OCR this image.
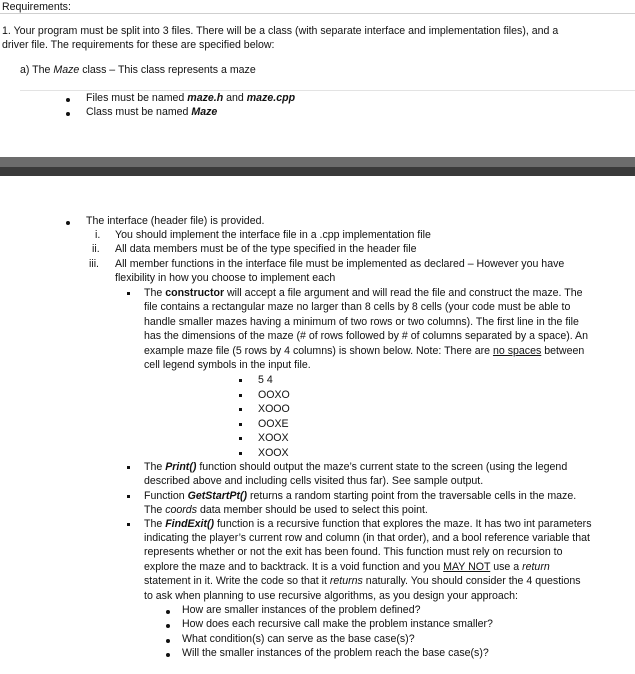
Requirements:
1. Your program must be split into 3 files. There will be a class (with separate interface and implementation files), and a
driver file. The requirements for these are specified below:
a) The Maze class – This class represents a maze
Files must be named maze.h and maze.cpp
Class must be named Maze
The interface (header file) is provided.
i. You should implement the interface file in a .cpp implementation file
ii. All data members must be of the type specified in the header file
iii. All member functions in the interface file must be implemented as declared – However you have
flexibility in how you choose to implement each
The constructor will accept a file argument and will read the file and construct the maze. The
file contains a rectangular maze no larger than 8 cells by 8 cells (your code must be able to
handle smaller mazes having a minimum of two rows or two columns). The first line in the file
has the dimensions of the maze (# of rows followed by # of columns separated by a space). An
example maze file (5 rows by 4 columns) is shown below. Note: There are no spaces between
cell legend symbols in the input file.
5 4
OOXO
XOOO
OOXE
XOOX
XOOX
The Print() function should output the maze’s current state to the screen (using the legend
described above and including cells visited thus far). See sample output.
Function GetStartPt() returns a random starting point from the traversable cells in the maze.
The coords data member should be used to select this point.
The FindExit() function is a recursive function that explores the maze. It has two int parameters
indicating the player’s current row and column (in that order), and a bool reference variable that
represents whether or not the exit has been found. This function must rely on recursion to
explore the maze and to backtrack. It is a void function and you MAY NOT use a return
statement in it. Write the code so that it returns naturally. You should consider the 4 questions
to ask when planning to use recursive algorithms, as you design your approach:
How are smaller instances of the problem defined?
How does each recursive call make the problem instance smaller?
What condition(s) can serve as the base case(s)?
Will the smaller instances of the problem reach the base case(s)?
